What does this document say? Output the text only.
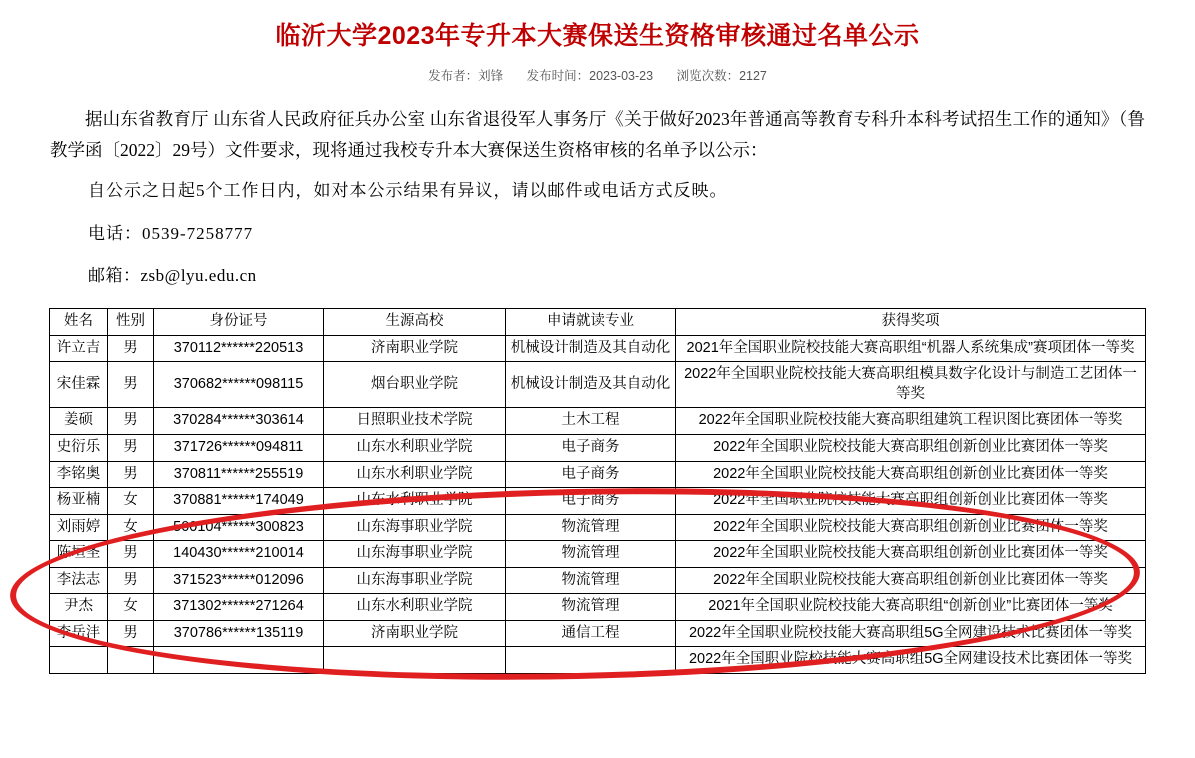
临沂大学2023年专升本大赛保送生资格审核通过名单公示
发布者：刘锋 发布时间：2023-03-23 浏览次数：2127
据山东省教育厅 山东省人民政府征兵办公室 山东省退役军人事务厅《关于做好2023年普通高等教育专科升本科考试招生工作的通知》（鲁教学函〔2022〕29号）文件要求，现将通过我校专升本大赛保送生资格审核的名单予以公示：
自公示之日起5个工作日内，如对本公示结果有异议，请以邮件或电话方式反映。
电话：0539-7258777
邮箱：zsb@lyu.edu.cn
姓名	性别	身份证号	生源高校	申请就读专业	获得奖项
许立吉	男	370112******220513	济南职业学院	机械设计制造及其自动化	2021年全国职业院校技能大赛高职组“机器人系统集成”赛项团体一等奖
宋佳霖	男	370682******098115	烟台职业学院	机械设计制造及其自动化	2022年全国职业院校技能大赛高职组模具数字化设计与制造工艺团体一等奖
姜硕	男	370284******303614	日照职业技术学院	土木工程	2022年全国职业院校技能大赛高职组建筑工程识图比赛团体一等奖
史衍乐	男	371726******094811	山东水利职业学院	电子商务	2022年全国职业院校技能大赛高职组创新创业比赛团体一等奖
李铭奥	男	370811******255519	山东水利职业学院	电子商务	2022年全国职业院校技能大赛高职组创新创业比赛团体一等奖
杨亚楠	女	370881******174049	山东水利职业学院	电子商务	2022年全国职业院校技能大赛高职组创新创业比赛团体一等奖
刘雨婷	女	500104******300823	山东海事职业学院	物流管理	2022年全国职业院校技能大赛高职组创新创业比赛团体一等奖
陈垣圣	男	140430******210014	山东海事职业学院	物流管理	2022年全国职业院校技能大赛高职组创新创业比赛团体一等奖
李法志	男	371523******012096	山东海事职业学院	物流管理	2022年全国职业院校技能大赛高职组创新创业比赛团体一等奖
尹杰	女	371302******271264	山东水利职业学院	物流管理	2021年全国职业院校技能大赛高职组“创新创业”比赛团体一等奖
李岳沣	男	370786******135119	济南职业学院	通信工程	2022年全国职业院校技能大赛高职组5G全网建设技术比赛团体一等奖
					2022年全国职业院校技能大赛高职组5G全网建设技术比赛团体一等奖
